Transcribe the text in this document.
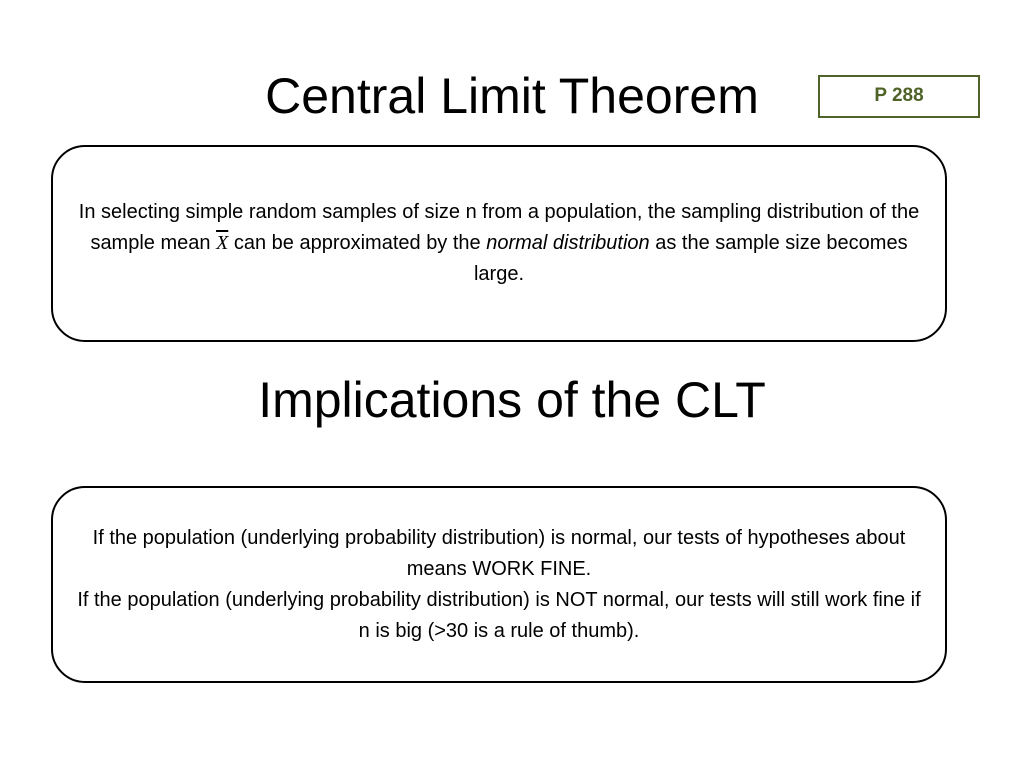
Central Limit Theorem	P 288

In selecting simple random samples of size n from a population, the sampling distribution of the sample mean $\overline{X}$ can be approximated by the normal distribution as the sample size becomes large.

Implications of the CLT

If the population (underlying probability distribution) is normal, our tests of hypotheses about means WORK FINE.
If the population (underlying probability distribution) is NOT normal, our tests will still work fine if n is big (>30 is a rule of thumb).
